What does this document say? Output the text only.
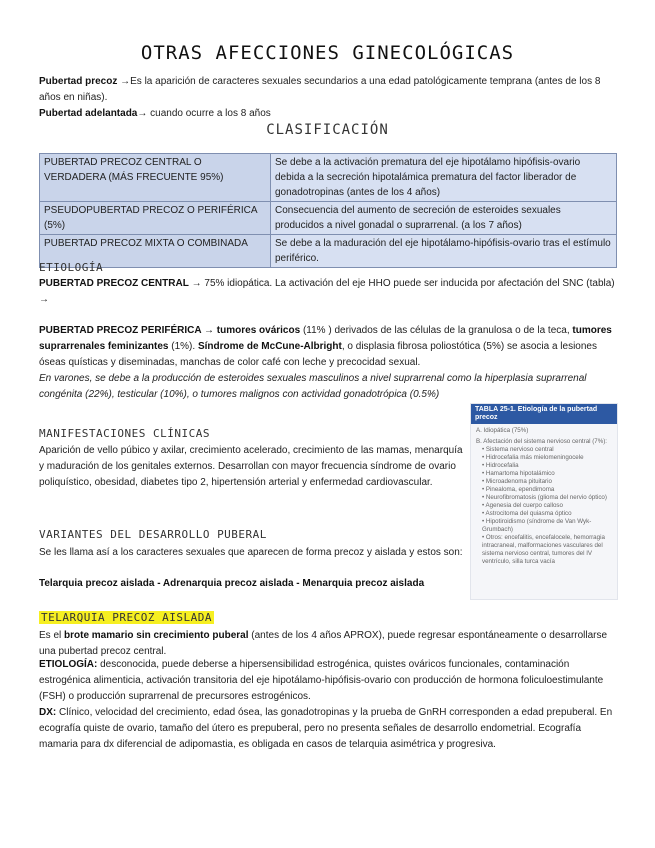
OTRAS AFECCIONES GINECOLÓGICAS
Pubertad precoz →Es la aparición de caracteres sexuales secundarios a una edad patológicamente temprana (antes de los 8 años en niñas).
Pubertad adelantada→ cuando ocurre a los 8 años
CLASIFICACIÓN
PUBERTAD PRECOZ CENTRAL O VERDADERA (MÁS FRECUENTE 95%)	Se debe a la activación prematura del eje hipotálamo hipófisis-ovario debida a la secreción hipotalámica prematura del factor liberador de gonadotropinas (antes de los 4 años)
PSEUDOPUBERTAD PRECOZ O PERIFÉRICA (5%)	Consecuencia del aumento de secreción de esteroides sexuales producidos a nivel gonadal o suprarrenal. (a los 7 años)
PUBERTAD PRECOZ MIXTA O COMBINADA	Se debe a la maduración del eje hipotálamo-hipófisis-ovario tras el estímulo periférico.
ETIOLOGÍA
PUBERTAD PRECOZ CENTRAL → 75% idiopática. La activación del eje HHO puede ser inducida por afectación del SNC (tabla) →
PUBERTAD PRECOZ PERIFÉRICA → tumores ováricos (11% ) derivados de las células de la granulosa o de la teca, tumores suprarrenales feminizantes (1%). Síndrome de McCune-Albright, o displasia fibrosa poliostótica (5%) se asocia a lesiones óseas quísticas y diseminadas, manchas de color café con leche y precocidad sexual.
En varones, se debe a la producción de esteroides sexuales masculinos a nivel suprarrenal como la hiperplasia suprarrenal congénita (22%), testicular (10%), o tumores malignos con actividad gonadotrópica (0.5%)
MANIFESTACIONES CLÍNICAS
Aparición de vello púbico y axilar, crecimiento acelerado, crecimiento de las mamas, menarquía y maduración de los genitales externos. Desarrollan con mayor frecuencia síndrome de ovario poliquístico, obesidad, diabetes tipo 2, hipertensión arterial y enfermedad cardiovascular.
VARIANTES DEL DESARROLLO PUBERAL
Se les llama así a los caracteres sexuales que aparecen de forma precoz y aislada y estos son:
Telarquia precoz aislada - Adrenarquia precoz aislada - Menarquia precoz aislada
TELARQUIA PRECOZ AISLADA
Es el brote mamario sin crecimiento puberal (antes de los 4 años APROX), puede regresar espontáneamente o desarrollarse una pubertad precoz central.
ETIOLOGÍA: desconocida, puede deberse a hipersensibilidad estrogénica, quistes ováricos funcionales, contaminación estrogénica alimenticia, activación transitoria del eje hipotálamo-hipófisis-ovario con producción de hormona foliculoestimulante (FSH) o producción suprarrenal de precursores estrogénicos.
DX: Clínico, velocidad del crecimiento, edad ósea, las gonadotropinas y la prueba de GnRH corresponden a edad prepuberal. En ecografía quiste de ovario, tamaño del útero es prepuberal, pero no presenta señales de desarrollo endometrial. Ecografía mamaria para dx diferencial de adipomastia, es obligada en casos de telarquia asimétrica y progresiva.
TABLA 25-1. Etiología de la pubertad precoz
A. Idiopática (75%)
B. Afectación del sistema nervioso central (7%):
• Sistema nervioso central
• Hidrocefalia más mielomeningocele
• Hidrocefalia
• Hamartoma hipotalámico
• Microadenoma pituitario
• Pinealoma, ependimoma
• Neurofibromatosis (glioma del nervio óptico)
• Agenesia del cuerpo calloso
• Astrocitoma del quiasma óptico
• Hipotiroidismo (síndrome de Van Wyk-Grumbach)
• Otros: encefalitis, encefalocele, hemorragia intracraneal, malformaciones vasculares del sistema nervioso central, tumores del IV ventrículo, silla turca vacía
